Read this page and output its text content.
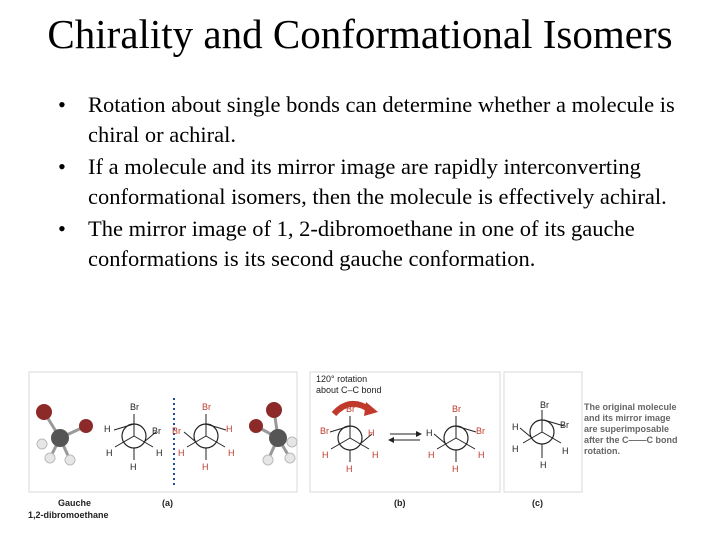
Chirality and Conformational Isomers
• Rotation about single bonds can determine whether a molecule is chiral or achiral.
• If a molecule and its mirror image are rapidly interconverting conformational isomers, then the molecule is effectively achiral.
• The mirror image of 1, 2-dibromoethane in one of its gauche conformations is its second gauche conformation.
Br
H	Br
H	H
H
Br
Br	H
H	H
H
120° rotation
about C–C bond
Br
Br	H
H	H
H
Br
H	Br
H	H
H
Br
H	Br
H	H
H
The original molecule
and its mirror image
are superimposable
after the C——C bond
rotation.
Gauche
1,2-dibromoethane
(a)	(b)	(c)
